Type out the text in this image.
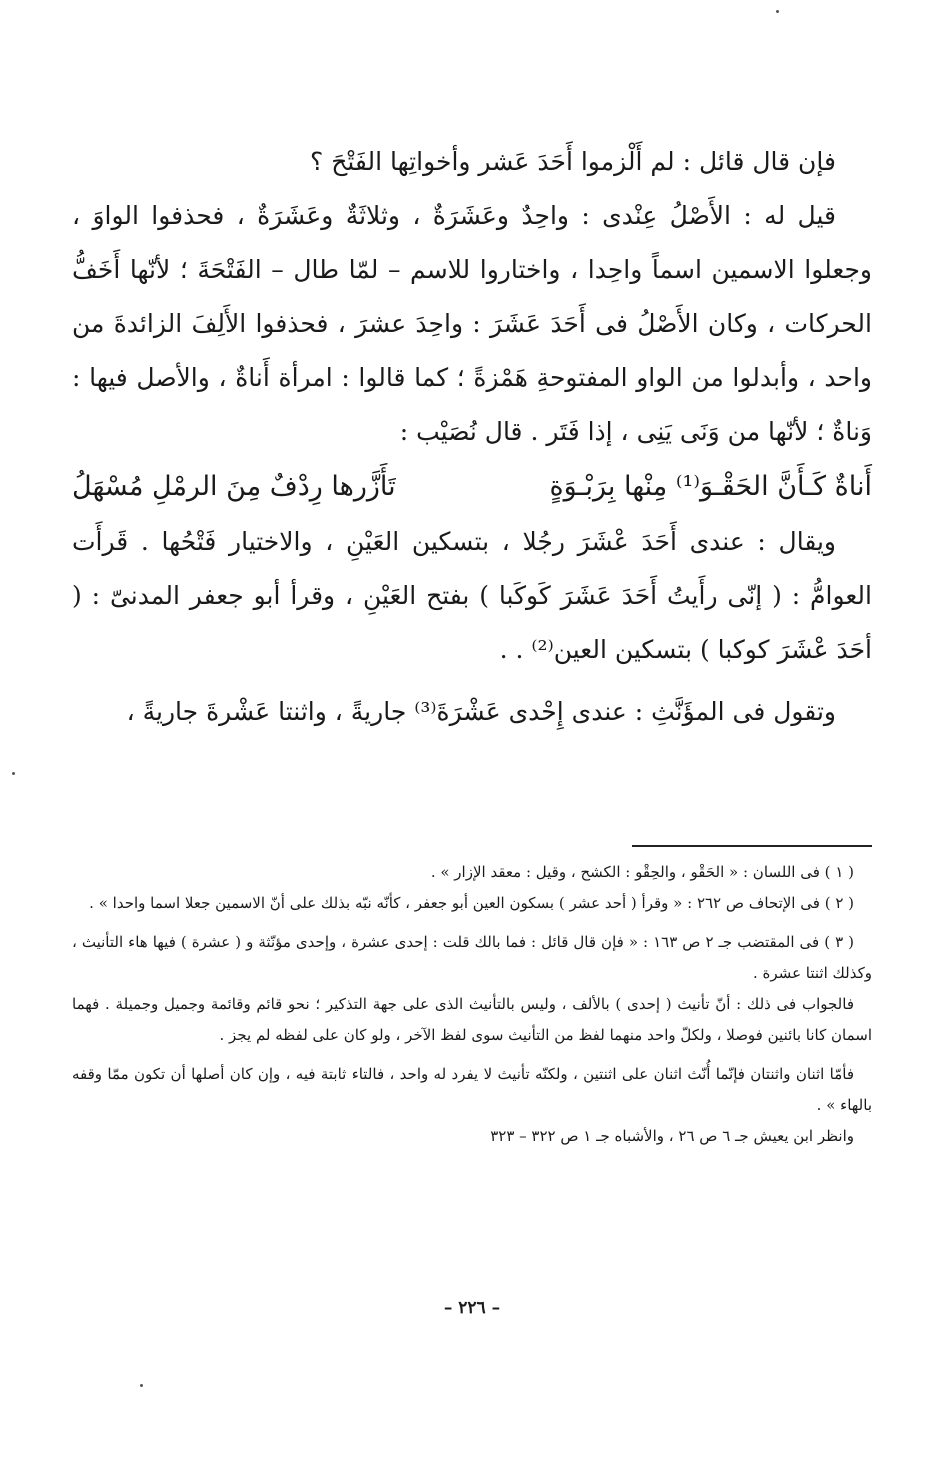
فإن قال قائل : لم أَلْزموا أَحَدَ عَشر وأخواتِها الفَتْحَ ؟

قيل له : الأَصْلُ عِنْدى : واحِدٌ وعَشَرَةٌ ، وثلاثَةٌ وعَشَرَةٌ ، فحذفوا الواوَ ، وجعلوا الاسمين اسماً واحِدا ، واختاروا للاسم – لمّا طال – الفَتْحَةَ ؛ لأنّها أَخَفُّ الحركات ، وكان الأَصْلُ فى أَحَدَ عَشَرَ : واحِدَ عشرَ ، فحذفوا الأَلِفَ الزائدةَ من واحد ، وأبدلوا من الواو المفتوحةِ هَمْزةً ؛ كما قالوا : امرأة أَناةٌ ، والأصل فيها : وَناةٌ ؛ لأنّها من وَنَى يَنِى ، إذا فَتَر . قال نُصَيْب :

أَناةٌ كَـأَنَّ الحَقْـوَ⁽¹⁾ مِنْها بِرَبْـوَةٍ
تَأَزَّرها رِدْفٌ مِنَ الرمْلِ مُسْهَلُ

ويقال : عندى أَحَدَ عْشَرَ رجُلا ، بتسكين العَيْنِ ، والاختيار فَتْحُها . قَرأَت العوامُّ : ( إنّى رأَيتُ أَحَدَ عَشَرَ كَوكَبا ) بفتح العَيْنِ ، وقرأ أبو جعفر المدنىّ : ( أحَدَ عْشَرَ كوكبا ) بتسكين العين⁽²⁾ . .

وتقول فى المؤَنَّثِ : عندى إِحْدى عَشْرَةَ⁽³⁾ جاريةً ، واثنتا عَشْرةَ جاريةً ،

( ١ ) فى اللسان : « الحَقْو ، والحِقْو : الكشح ، وقيل : معقد الإزار » .

( ٢ ) فى الإتحاف ص ٢٦٢ : « وقرأ ( أحد عشر ) بسكون العين أبو جعفر ، كأنّه نبّه بذلك على أنّ الاسمين جعلا اسما واحدا » .

( ٣ ) فى المقتضب جـ ٢ ص ١٦٣ : « فإن قال قائل : فما بالك قلت : إحدى عشرة ، وإحدى مؤنّثة و ( عشرة ) فيها هاء التأنيث ، وكذلك اثنتا عشرة .

فالجواب فى ذلك : أنّ تأنيث ( إحدى ) بالألف ، وليس بالتأنيث الذى على جهة التذكير ؛ نحو قائم وقائمة وجميل وجميلة . فهما اسمان كانا بائنين فوصلا ، ولكلّ واحد منهما لفظ من التأنيث سوى لفظ الآخر ، ولو كان على لفظه لم يجز .

فأمّا اثنان واثنتان فإنّما أُنّث اثنان على اثنتين ، ولكنّه تأنيث لا يفرد له واحد ، فالتاء ثابتة فيه ، وإن كان أصلها أن تكون ممّا وقفه بالهاء » .

وانظر ابن يعيش جـ ٦ ص ٢٦ ، والأشباه جـ ١ ص ٣٢٢ – ٣٢٣

– ٢٢٦ –
